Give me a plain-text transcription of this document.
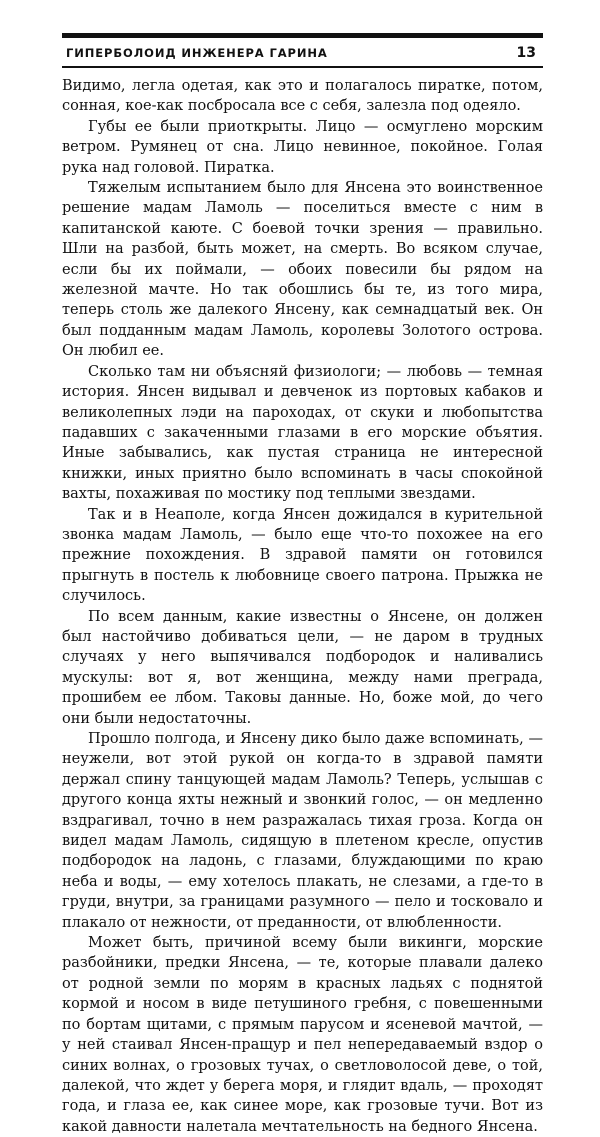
ГИПЕРБОЛОИД ИНЖЕНЕРА ГАРИНА	13

Видимо, легла одетая, как это и полагалось пиратке, потом, сонная, кое-как посбросала все с себя, залезла под одеяло.

Губы ее были приоткрыты. Лицо — осмуглено морским ветром. Румянец от сна. Лицо невинное, покойное. Голая рука над головой. Пиратка.

Тяжелым испытанием было для Янсена это воинственное решение мадам Ламоль — поселиться вместе с ним в капитанской каюте. С боевой точки зрения — правильно. Шли на разбой, быть может, на смерть. Во всяком случае, если бы их поймали, — обоих повесили бы рядом на железной мачте. Но так обошлись бы те, из того мира, теперь столь же далекого Янсену, как семнадцатый век. Он был подданным мадам Ламоль, королевы Золотого острова. Он любил ее.

Сколько там ни объясняй физиологи; — любовь — темная история. Янсен видывал и девченок из портовых кабаков и великолепных лэди на пароходах, от скуки и любопытства падавших с закаченными глазами в его морские объятия. Иные забывались, как пустая страница не интересной книжки, иных приятно было вспоминать в часы спокойной вахты, похаживая по мостику под теплыми звездами.

Так и в Неаполе, когда Янсен дожидался в курительной звонка мадам Ламоль, — было еще что-то похожее на его прежние похождения. В здравой памяти он готовился прыгнуть в постель к любовнице своего патрона. Прыжка не случилось.

По всем данным, какие известны о Янсене, он должен был настойчиво добиваться цели, — не даром в трудных случаях у него выпячивался подбородок и наливались мускулы: вот я, вот женщина, между нами преграда, прошибем ее лбом. Таковы данные. Но, боже мой, до чего они были недостаточны.

Прошло полгода, и Янсену дико было даже вспоминать, — неужели, вот этой рукой он когда-то в здравой памяти держал спину танцующей мадам Ламоль? Теперь, услышав с другого конца яхты нежный и звонкий голос, — он медленно вздрагивал, точно в нем разражалась тихая гроза. Когда он видел мадам Ламоль, сидящую в плетеном кресле, опустив подбородок на ладонь, с глазами, блуждающими по краю неба и воды, — ему хотелось плакать, не слезами, а где-то в груди, внутри, за границами разумного — пело и тосковало и плакало от нежности, от преданности, от влюбленности.

Может быть, причиной всему были викинги, морские разбойники, предки Янсена, — те, которые плавали далеко от родной земли по морям в красных ладьях с поднятой кормой и носом в виде петушиного гребня, с повешенными по бортам щитами, с прямым парусом и ясеневой мачтой, — у ней стаивал Янсен-пращур и пел непередаваемый вздор о синих волнах, о грозовых тучах, о светловолосой деве, о той, далекой, что ждет у берега моря, и глядит вдаль, — проходят года, и глаза ее, как синее море, как грозовые тучи. Вот из какой давности налетала мечтательность на бедного Янсена.
